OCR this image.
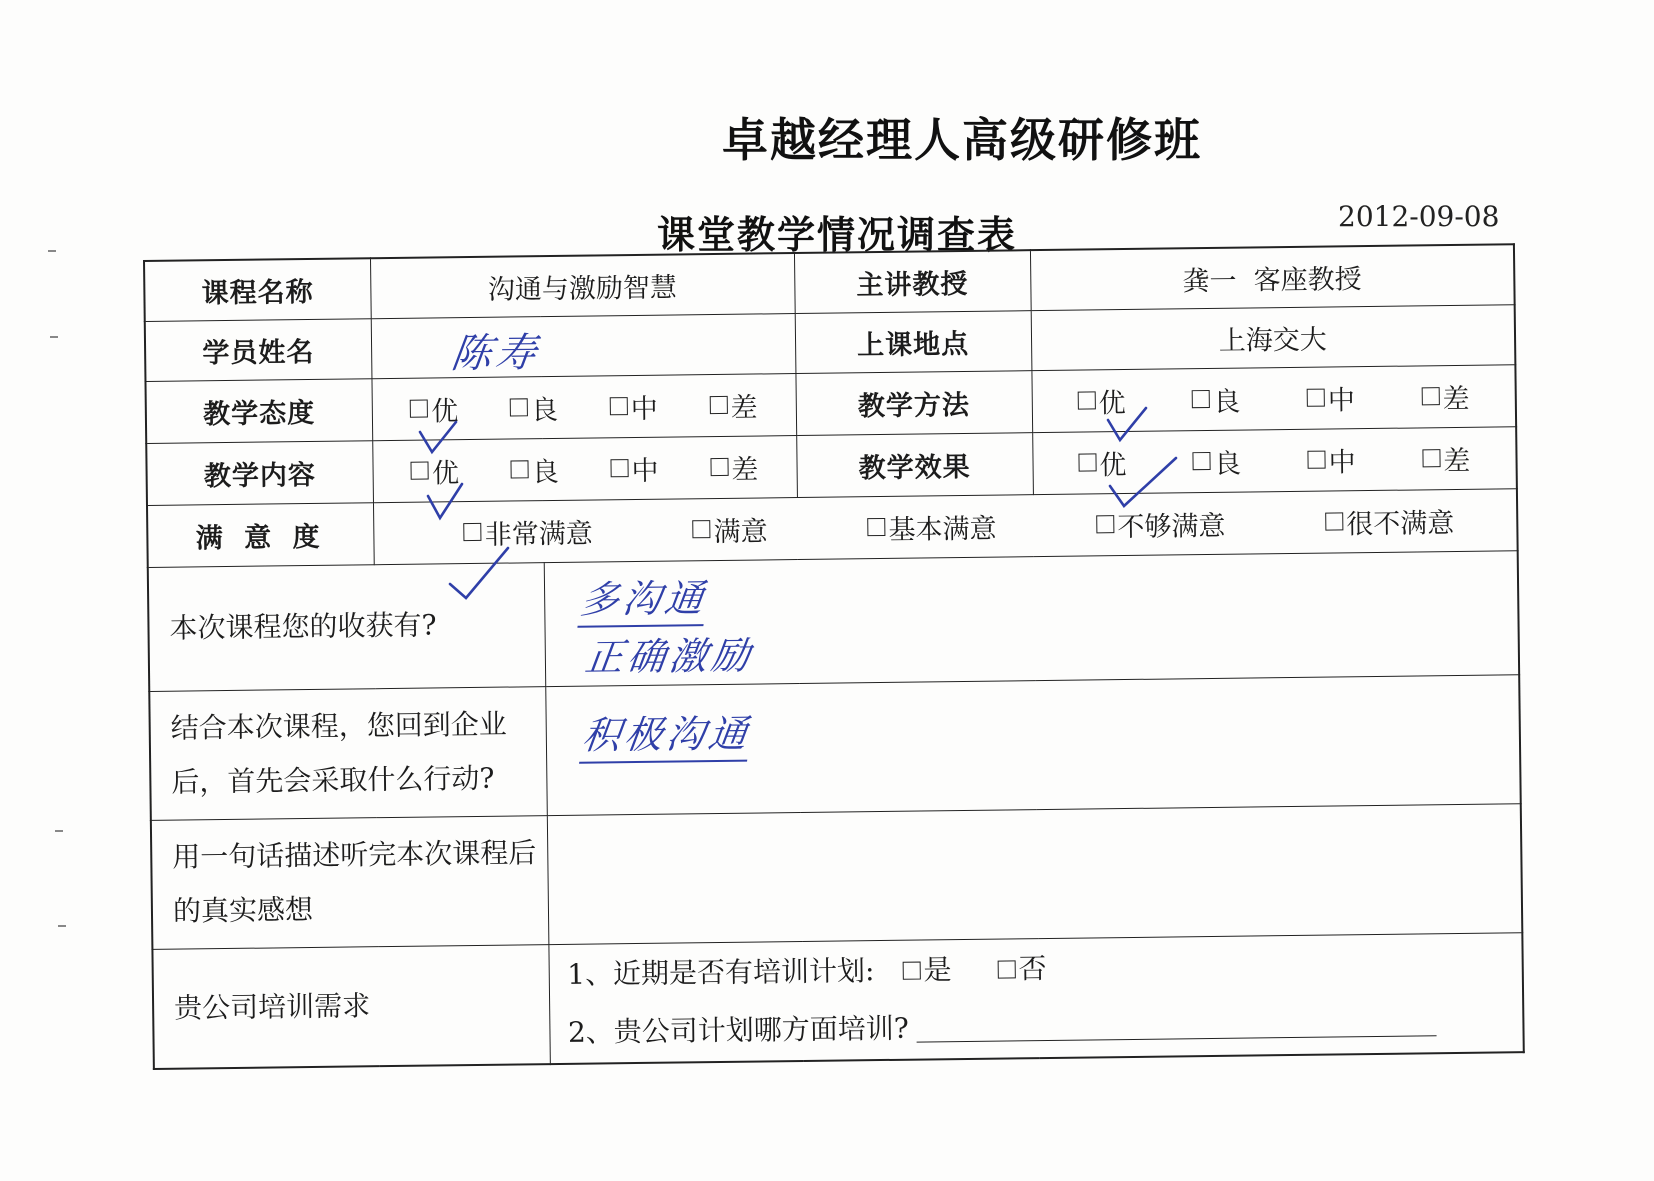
卓越经理人高级研修班
课堂教学情况调查表	2012-09-08
课程名称	沟通与激励智慧		主讲教授	龚一  客座教授
学员姓名	陈寿		上课地点	上海交大
教学态度	优 良 中 差		教学方法	优 良 中 差

教学内容	优 良 中 差		教学效果	优 良 中 差

满 意 度	非常满意 满意 基本满意 不够满意 很不满意			

本次课程您的收获有?		多沟通
正确激励		

结合本次课程，您回到企业后，首先会采取什么行动?		积极沟通		

用一句话描述听完本次课程后的真实感想				
贵公司培训需求		1、近期是否有培训计划: 是 否
2、贵公司计划哪方面培训?		
